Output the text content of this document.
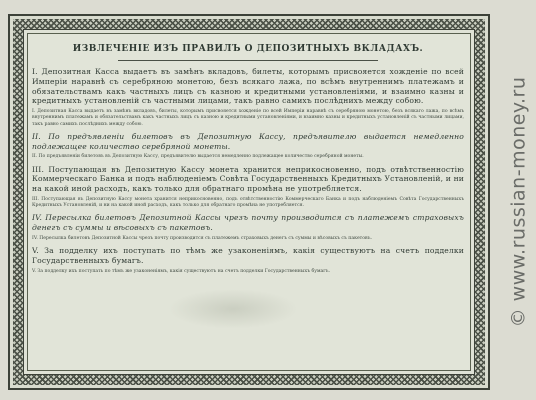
ИЗВЛЕЧЕНІЕ ИЗЪ ПРАВИЛЪ О ДЕПОЗИТНЫХЪ ВКЛАДАХЪ.

I. Депозитная Касса выдаетъ въ замѣнъ вкладовъ, билеты, которымъ присвояется хожденіе по всей Имперіи наравнѣ съ серебряною монетою, безъ всякаго лажа, по всѣмъ внутреннимъ платежамъ и обязательствамъ какъ частныхъ лицъ съ казною и кредитными установленіями, и взаимно казны и кредитныхъ установленій съ частными лицами, такъ равно самихъ послѣднихъ между собою.

I. Депозитная Касса выдаетъ въ замѣнъ вкладовъ, билеты, которымъ присвояется хожденіе по всей Имперіи наравнѣ съ серебряною монетою, безъ всякаго лажа, по всѣмъ внутреннимъ платежамъ и обязательствамъ какъ частныхъ лицъ съ казною и кредитными установленіями, и взаимно казны и кредитныхъ установленій съ частными лицами, такъ равно самихъ послѣднихъ между собою.

II. По предъявленіи билетовъ въ Депозитную Кассу, предъявителю выдается немедленно подлежащее количество серебряной монеты.

II. По предъявленіи билетовъ въ Депозитную Кассу, предъявителю выдается немедленно подлежащее количество серебряной монеты.

III. Поступающая въ Депозитную Кассу монета хранится неприкосновенно, подъ отвѣтственностію Коммерческаго Банка и подъ наблюденіемъ Совѣта Государственныхъ Кредитныхъ Установленій, и ни на какой иной расходъ, какъ только для обратнаго промѣна не употребляется.

III. Поступающая въ Депозитную Кассу монета хранится неприкосновенно, подъ отвѣтственностію Коммерческаго Банка и подъ наблюденіемъ Совѣта Государственныхъ Кредитныхъ Установленій, и ни на какой иной расходъ, какъ только для обратнаго промѣна не употребляется.

IV. Пересылка билетовъ Депозитной Кассы чрезъ почту производится съ платежемъ страховыхъ денегъ съ суммы и вѣсовыхъ съ пакетовъ.

IV. Пересылка билетовъ Депозитной Кассы чрезъ почту производится съ платежемъ страховыхъ денегъ съ суммы и вѣсовыхъ съ пакетовъ.

V. За подделку ихъ поступать по тѣмъ же узаконеніямъ, какія существуютъ на счетъ подделки Государственныхъ бумагъ.

V. За подделку ихъ поступать по тѣмъ же узаконеніямъ, какія существуютъ на счетъ подделки Государственныхъ бумагъ.	© www.russian-money.ru
